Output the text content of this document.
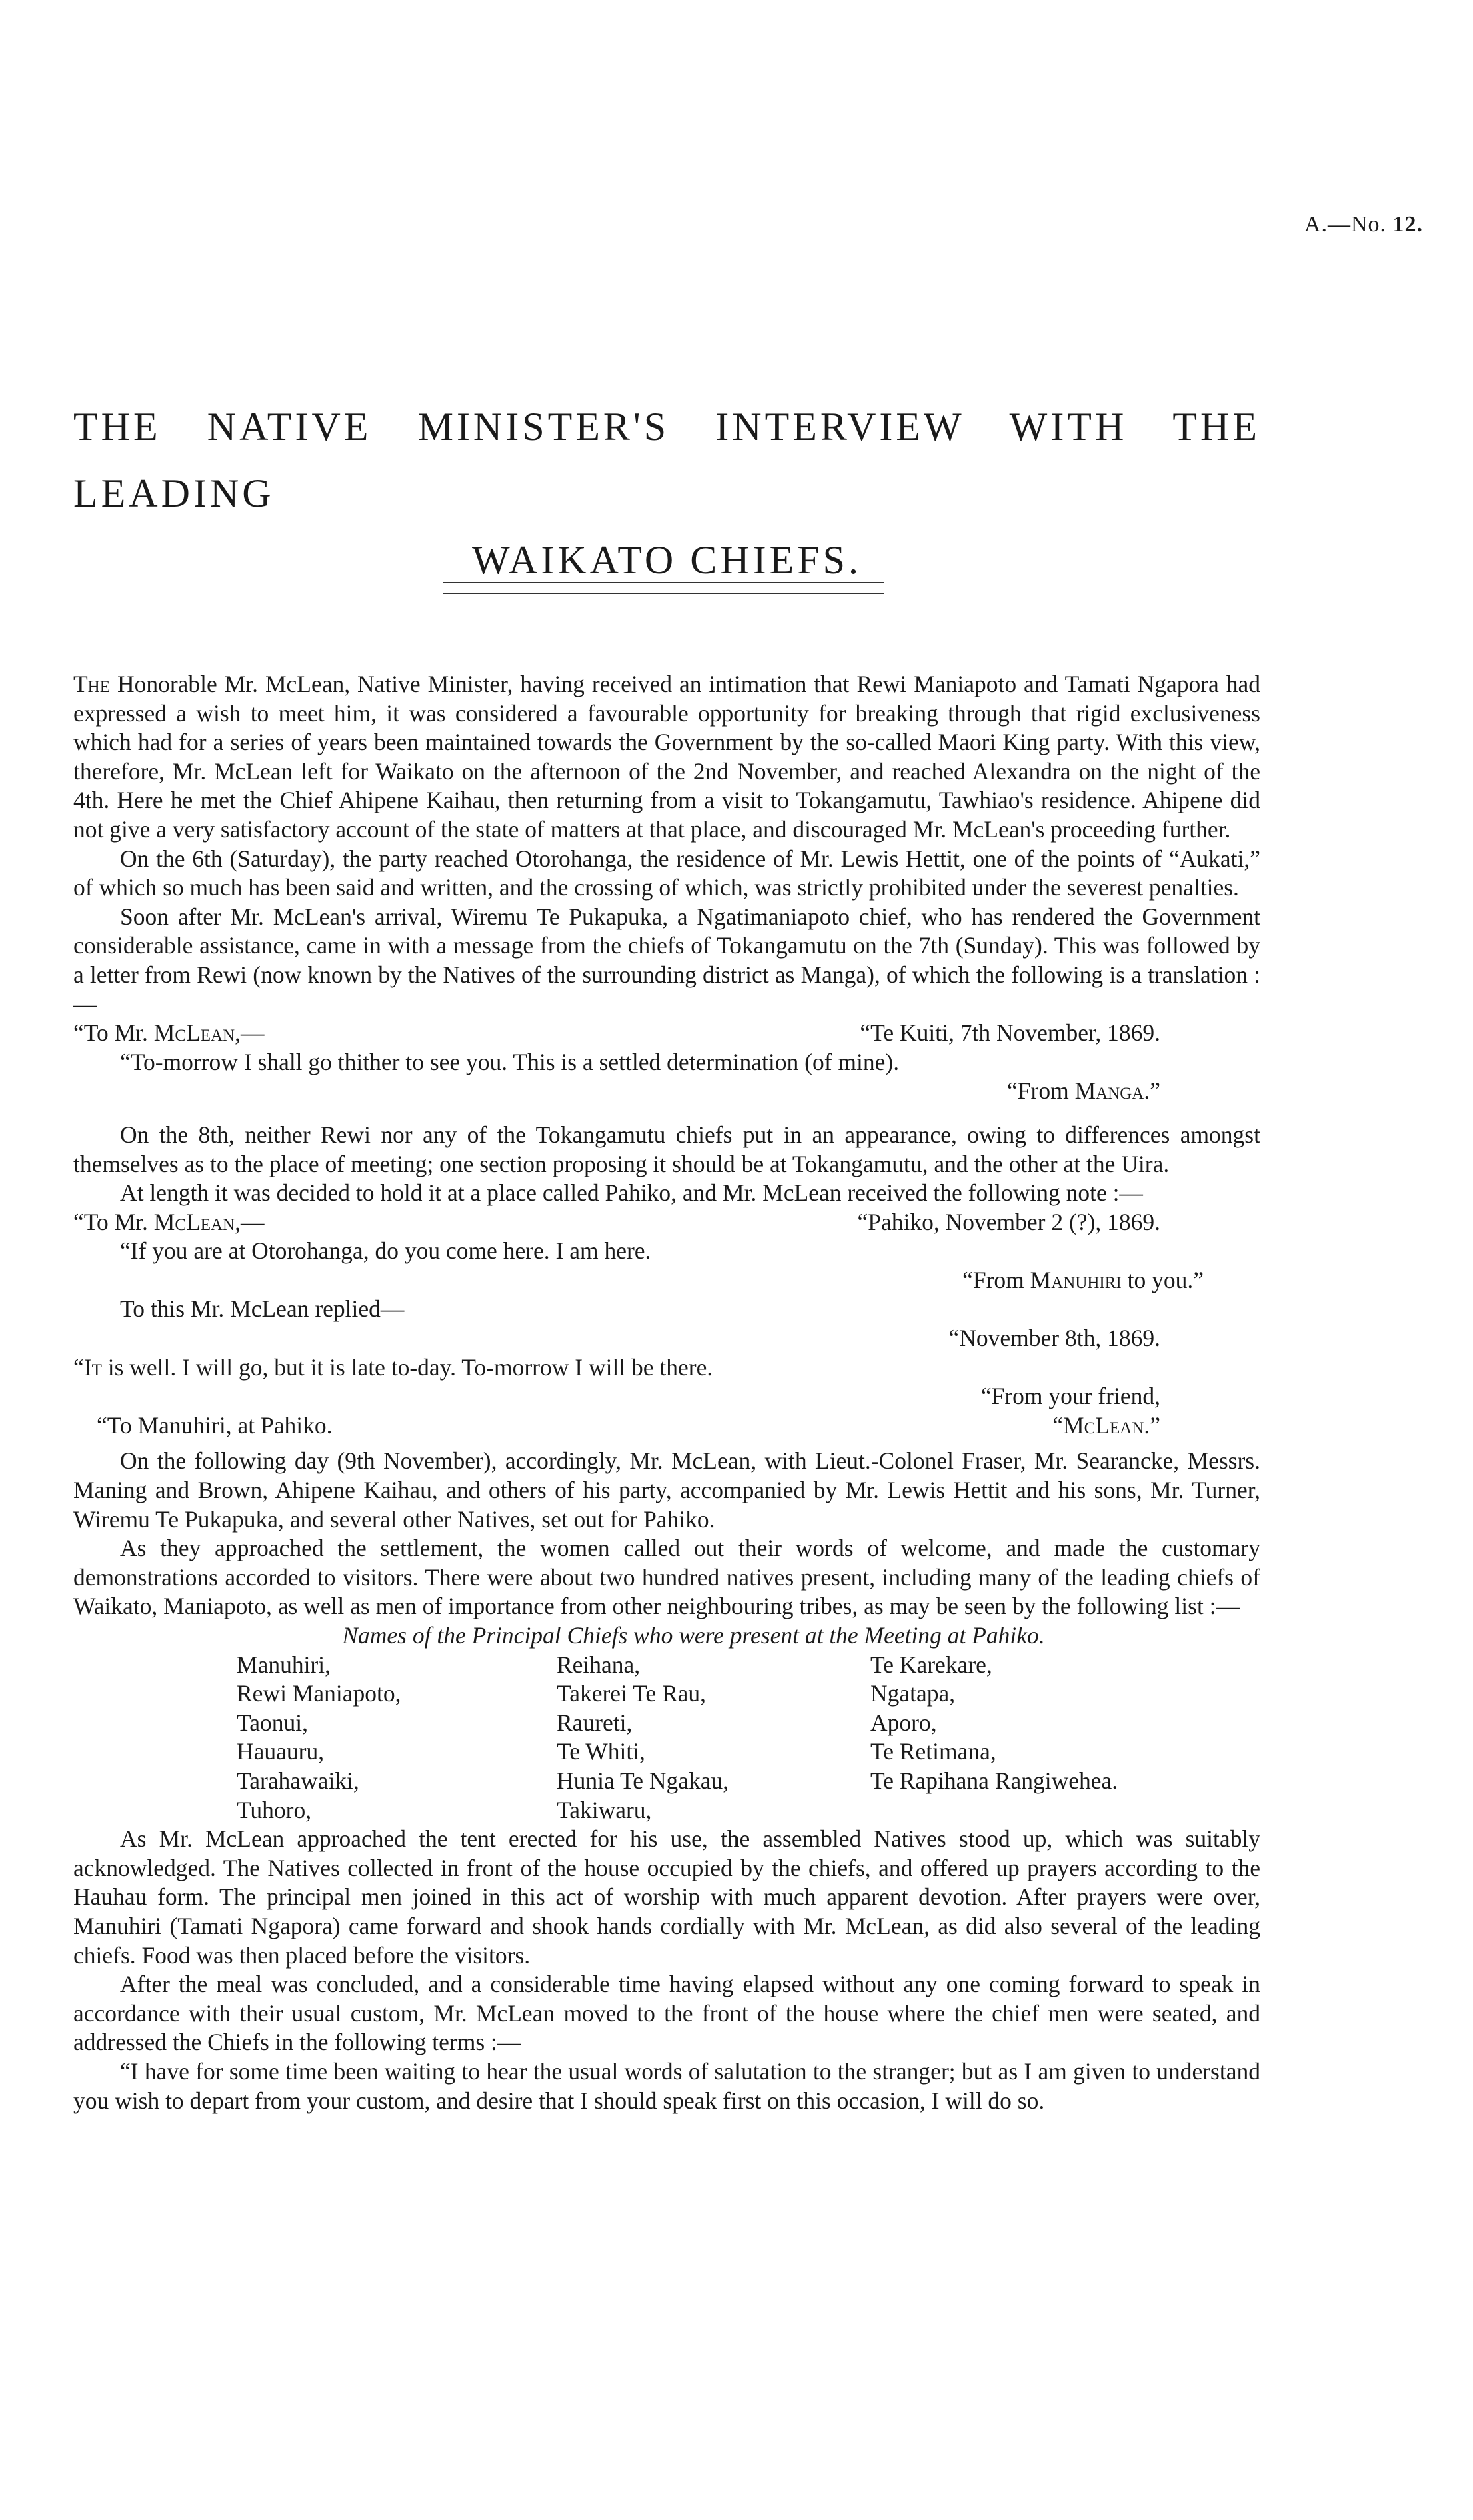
A.—No. 12.
THE NATIVE MINISTER'S INTERVIEW WITH THE LEADING
WAIKATO CHIEFS.

The Honorable Mr. McLean, Native Minister, having received an intimation that Rewi Maniapoto and Tamati Ngapora had expressed a wish to meet him, it was considered a favourable opportunity for breaking through that rigid exclusiveness which had for a series of years been maintained towards the Government by the so-called Maori King party. With this view, therefore, Mr. McLean left for Waikato on the afternoon of the 2nd November, and reached Alexandra on the night of the 4th. Here he met the Chief Ahipene Kaihau, then returning from a visit to Tokangamutu, Tawhiao's residence. Ahipene did not give a very satisfactory account of the state of matters at that place, and discouraged Mr. McLean's proceeding further.

On the 6th (Saturday), the party reached Otorohanga, the residence of Mr. Lewis Hettit, one of the points of “Aukati,” of which so much has been said and written, and the crossing of which, was strictly prohibited under the severest penalties.

Soon after Mr. McLean's arrival, Wiremu Te Pukapuka, a Ngatimaniapoto chief, who has rendered the Government considerable assistance, came in with a message from the chiefs of Tokangamutu on the 7th (Sunday). This was followed by a letter from Rewi (now known by the Natives of the surrounding district as Manga), of which the following is a translation :—

“To Mr. McLean,—	“Te Kuiti, 7th November, 1869.

“To-morrow I shall go thither to see you. This is a settled determination (of mine).

“From Manga.”

On the 8th, neither Rewi nor any of the Tokangamutu chiefs put in an appearance, owing to differences amongst themselves as to the place of meeting; one section proposing it should be at Tokangamutu, and the other at the Uira.

At length it was decided to hold it at a place called Pahiko, and Mr. McLean received the following note :—

“To Mr. McLean,—	“Pahiko, November 2 (?), 1869.

“If you are at Otorohanga, do you come here. I am here.

“From Manuhiri to you.”

To this Mr. McLean replied—

“November 8th, 1869.

“It is well. I will go, but it is late to-day. To-morrow I will be there.

“From your friend,
“To Manuhiri, at Pahiko.	“McLean.”

On the following day (9th November), accordingly, Mr. McLean, with Lieut.-Colonel Fraser, Mr. Searancke, Messrs. Maning and Brown, Ahipene Kaihau, and others of his party, accompanied by Mr. Lewis Hettit and his sons, Mr. Turner, Wiremu Te Pukapuka, and several other Natives, set out for Pahiko.

As they approached the settlement, the women called out their words of welcome, and made the customary demonstrations accorded to visitors. There were about two hundred natives present, including many of the leading chiefs of Waikato, Maniapoto, as well as men of importance from other neighbouring tribes, as may be seen by the following list :—

Names of the Principal Chiefs who were present at the Meeting at Pahiko.
Manuhiri,	Reihana,	Te Karekare,
Rewi Maniapoto,	Takerei Te Rau,	Ngatapa,
Taonui,	Raureti,	Aporo,
Hauauru,	Te Whiti,	Te Retimana,
Tarahawaiki,	Hunia Te Ngakau,	Te Rapihana Rangiwehea.
Tuhoro,	Takiwaru,

As Mr. McLean approached the tent erected for his use, the assembled Natives stood up, which was suitably acknowledged. The Natives collected in front of the house occupied by the chiefs, and offered up prayers according to the Hauhau form. The principal men joined in this act of worship with much apparent devotion. After prayers were over, Manuhiri (Tamati Ngapora) came forward and shook hands cordially with Mr. McLean, as did also several of the leading chiefs. Food was then placed before the visitors.

After the meal was concluded, and a considerable time having elapsed without any one coming forward to speak in accordance with their usual custom, Mr. McLean moved to the front of the house where the chief men were seated, and addressed the Chiefs in the following terms :—

“I have for some time been waiting to hear the usual words of salutation to the stranger; but as I am given to understand you wish to depart from your custom, and desire that I should speak first on this occasion, I will do so.
